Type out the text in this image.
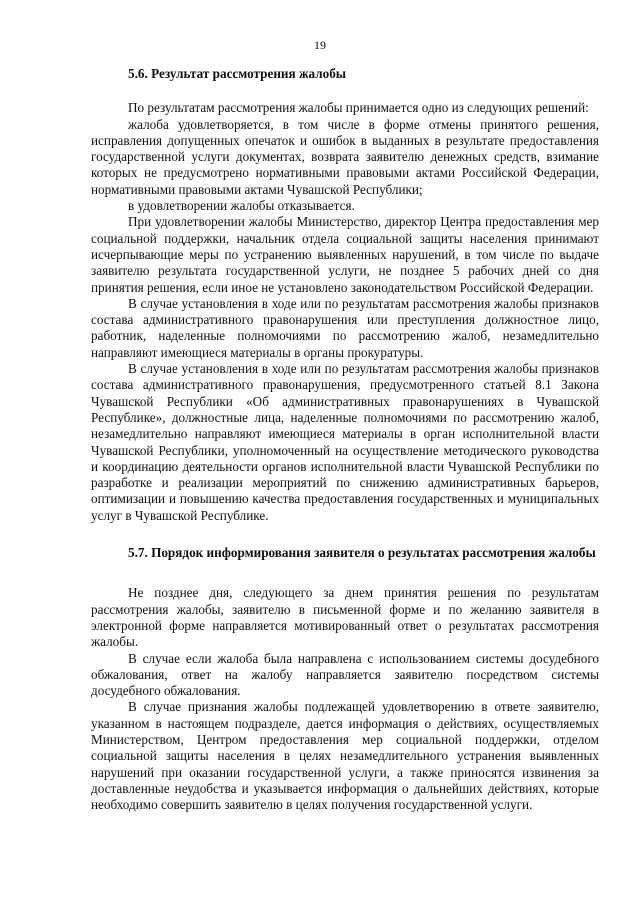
19

5.6. Результат рассмотрения жалобы

По результатам рассмотрения жалобы принимается одно из следующих решений:

жалоба удовлетворяется, в том числе в форме отмены принятого решения, исправления допущенных опечаток и ошибок в выданных в результате предоставления государственной услуги документах, возврата заявителю денежных средств, взимание которых не предусмотрено нормативными правовыми актами Российской Федерации, нормативными правовыми актами Чувашской Республики;

в удовлетворении жалобы отказывается.

При удовлетворении жалобы Министерство, директор Центра предоставления мер социальной поддержки, начальник отдела социальной защиты населения принимают исчерпывающие меры по устранению выявленных нарушений, в том числе по выдаче заявителю результата государственной услуги, не позднее 5 рабочих дней со дня принятия решения, если иное не установлено законодательством Российской Федерации.

В случае установления в ходе или по результатам рассмотрения жалобы признаков состава административного правонарушения или преступления должностное лицо, работник, наделенные полномочиями по рассмотрению жалоб, незамедлительно направляют имеющиеся материалы в органы прокуратуры.

В случае установления в ходе или по результатам рассмотрения жалобы признаков состава административного правонарушения, предусмотренного статьей 8.1 Закона Чувашской Республики «Об административных правонарушениях в Чувашской Республике», должностные лица, наделенные полномочиями по рассмотрению жалоб, незамедлительно направляют имеющиеся материалы в орган исполнительной власти Чувашской Республики, уполномоченный на осуществление методического руководства и координацию деятельности органов исполнительной власти Чувашской Республики по разработке и реализации мероприятий по снижению административных барьеров, оптимизации и повышению качества предоставления государственных и муниципальных услуг в Чувашской Республике.

5.7. Порядок информирования заявителя о результатах рассмотрения жалобы

Не позднее дня, следующего за днем принятия решения по результатам рассмотрения жалобы, заявителю в письменной форме и по желанию заявителя в электронной форме направляется мотивированный ответ о результатах рассмотрения жалобы.

В случае если жалоба была направлена с использованием системы досудебного обжалования, ответ на жалобу направляется заявителю посредством системы досудебного обжалования.

В случае признания жалобы подлежащей удовлетворению в ответе заявителю, указанном в настоящем подразделе, дается информация о действиях, осуществляемых Министерством, Центром предоставления мер социальной поддержки, отделом социальной защиты населения в целях незамедлительного устранения выявленных нарушений при оказании государственной услуги, а также приносятся извинения за доставленные неудобства и указывается информация о дальнейших действиях, которые необходимо совершить заявителю в целях получения государственной услуги.
